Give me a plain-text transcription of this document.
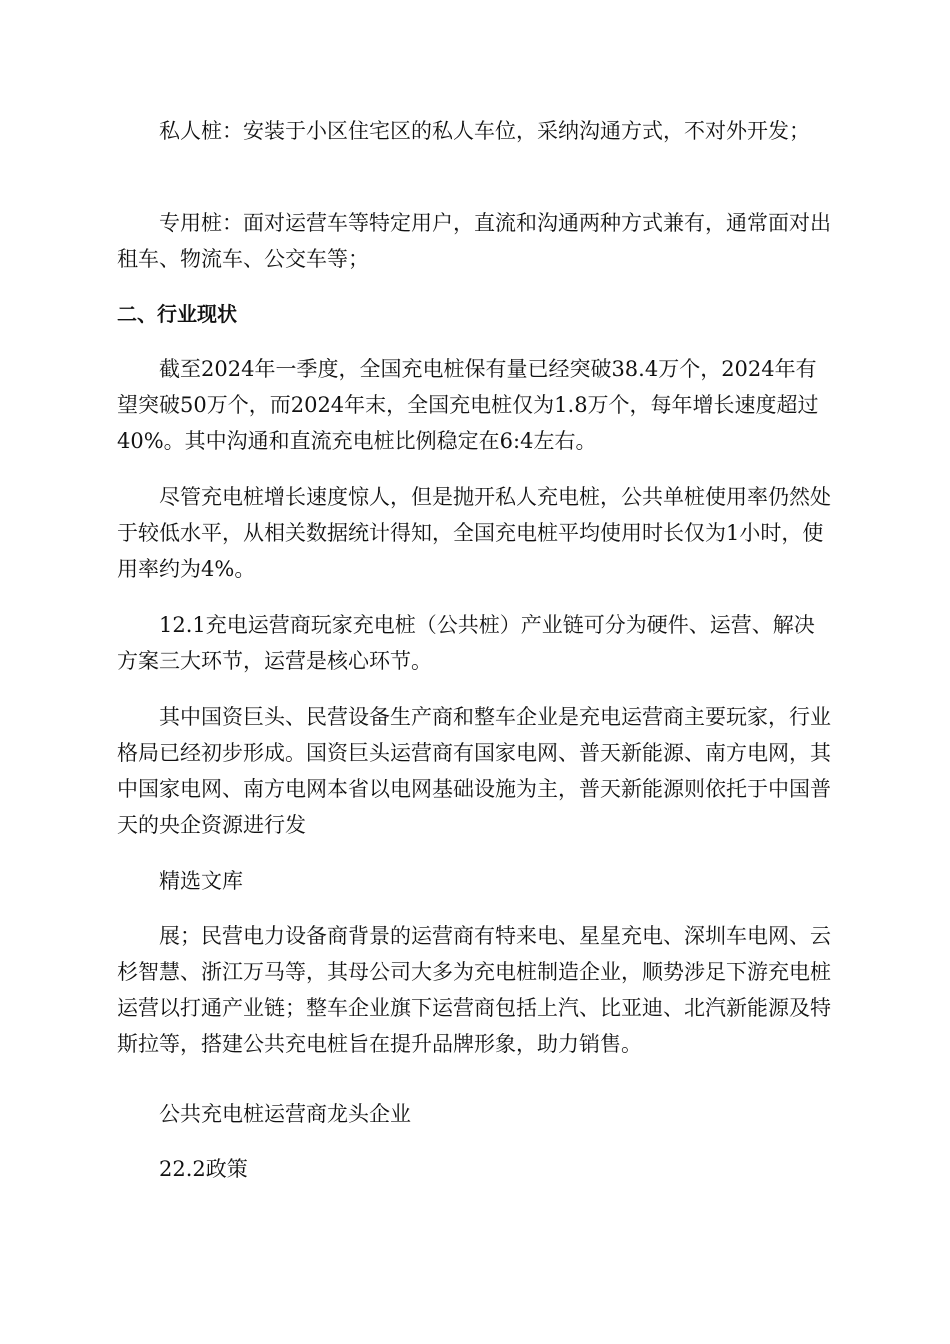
私人桩：安装于小区住宅区的私人车位，采纳沟通方式，不对外开发；

专用桩：面对运营车等特定用户，直流和沟通两种方式兼有，通常面对出租车、物流车、公交车等；

二、行业现状

截至2024年一季度，全国充电桩保有量已经突破38.4万个，2024年有望突破50万个，而2024年末，全国充电桩仅为1.8万个，每年增长速度超过40%。其中沟通和直流充电桩比例稳定在6:4左右。

尽管充电桩增长速度惊人，但是抛开私人充电桩，公共单桩使用率仍然处于较低水平，从相关数据统计得知，全国充电桩平均使用时长仅为1小时，使用率约为4%。

12.1充电运营商玩家充电桩（公共桩）产业链可分为硬件、运营、解决方案三大环节，运营是核心环节。

其中国资巨头、民营设备生产商和整车企业是充电运营商主要玩家，行业格局已经初步形成。国资巨头运营商有国家电网、普天新能源、南方电网，其中国家电网、南方电网本省以电网基础设施为主，普天新能源则依托于中国普天的央企资源进行发

精选文库

展；民营电力设备商背景的运营商有特来电、星星充电、深圳车电网、云杉智慧、浙江万马等，其母公司大多为充电桩制造企业，顺势涉足下游充电桩运营以打通产业链；整车企业旗下运营商包括上汽、比亚迪、北汽新能源及特斯拉等，搭建公共充电桩旨在提升品牌形象，助力销售。

公共充电桩运营商龙头企业

22.2政策
